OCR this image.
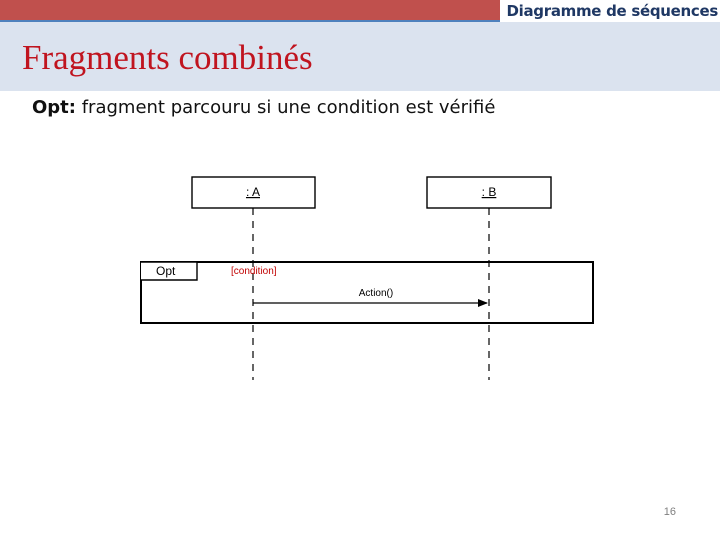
Diagramme de séquences
Fragments combinés
Opt: fragment parcouru si une condition est vérifié
: A	: B
Opt	[condition]
Action()
16
